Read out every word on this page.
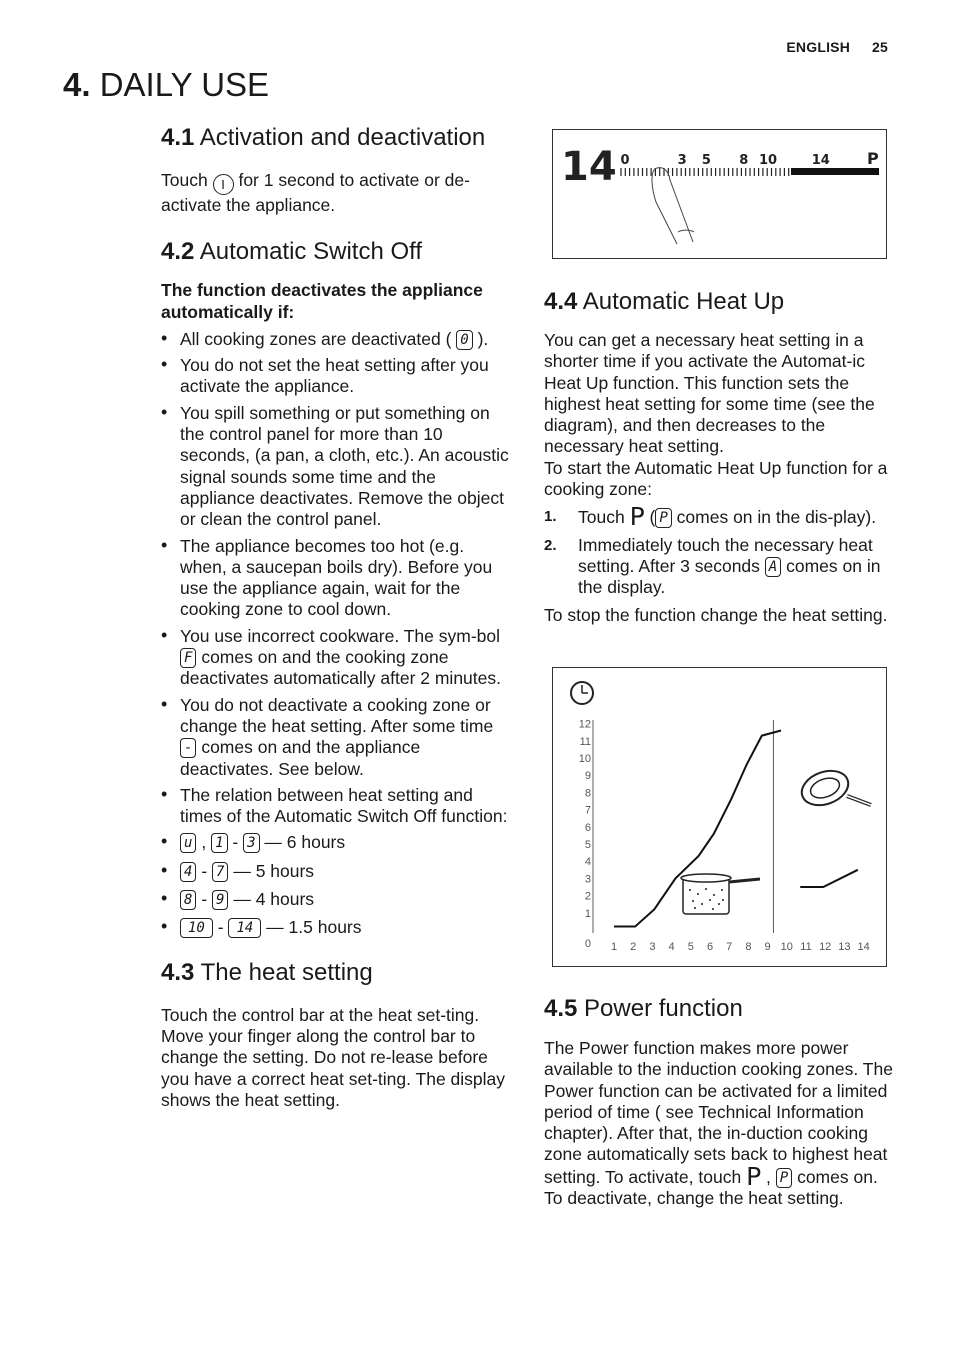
ENGLISH 25
4. DAILY USE
4.1 Activation and deactivation

Touch I for 1 second to activate or de-activate the appliance.

4.2 Automatic Switch Off

The function deactivates the appliance automatically if:

• All cooking zones are deactivated ( 0 ).
• You do not set the heat setting after you activate the appliance.
• You spill something or put something on the control panel for more than 10 seconds, (a pan, a cloth, etc.). An acoustic signal sounds some time and the appliance deactivates. Remove the object or clean the control panel.
• The appliance becomes too hot (e.g. when, a saucepan boils dry). Before you use the appliance again, wait for the cooking zone to cool down.
• You use incorrect cookware. The sym-bol F comes on and the cooking zone deactivates automatically after 2 minutes.
• You do not deactivate a cooking zone or change the heat setting. After some time - comes on and the appliance deactivates. See below.
• The relation between heat setting and times of the Automatic Switch Off function:
• u , 1 - 3 — 6 hours
• 4 - 7 — 5 hours
• 8 - 9 — 4 hours
• 10 - 14 — 1.5 hours
4.3 The heat setting

Touch the control bar at the heat set-ting. Move your finger along the control bar to change the setting. Do not re-lease before you have a correct heat set-ting. The display shows the heat setting.

14 0	3 5 8 10	14 P
4.4 Automatic Heat Up

You can get a necessary heat setting in a shorter time if you activate the Automat-ic Heat Up function. This function sets the highest heat setting for some time (see the diagram), and then decreases to the necessary heat setting.

To start the Automatic Heat Up function for a cooking zone:

1. Touch P ( P comes on in the dis-play).
2. Immediately touch the necessary heat setting. After 3 seconds A comes on in the display.

To stop the function change the heat setting.

0
1
2
3
4
5
6
7
8
9
10
11
12
1 2 3 4 5 6 7 8 9 10 11 12 13 14
4.5 Power function

The Power function makes more power available to the induction cooking zones. The Power function can be activated for a limited period of time ( see Technical Information chapter). After that, the in-duction cooking zone automatically sets back to highest heat setting. To activate, touch P , P comes on. To deactivate, change the heat setting.
